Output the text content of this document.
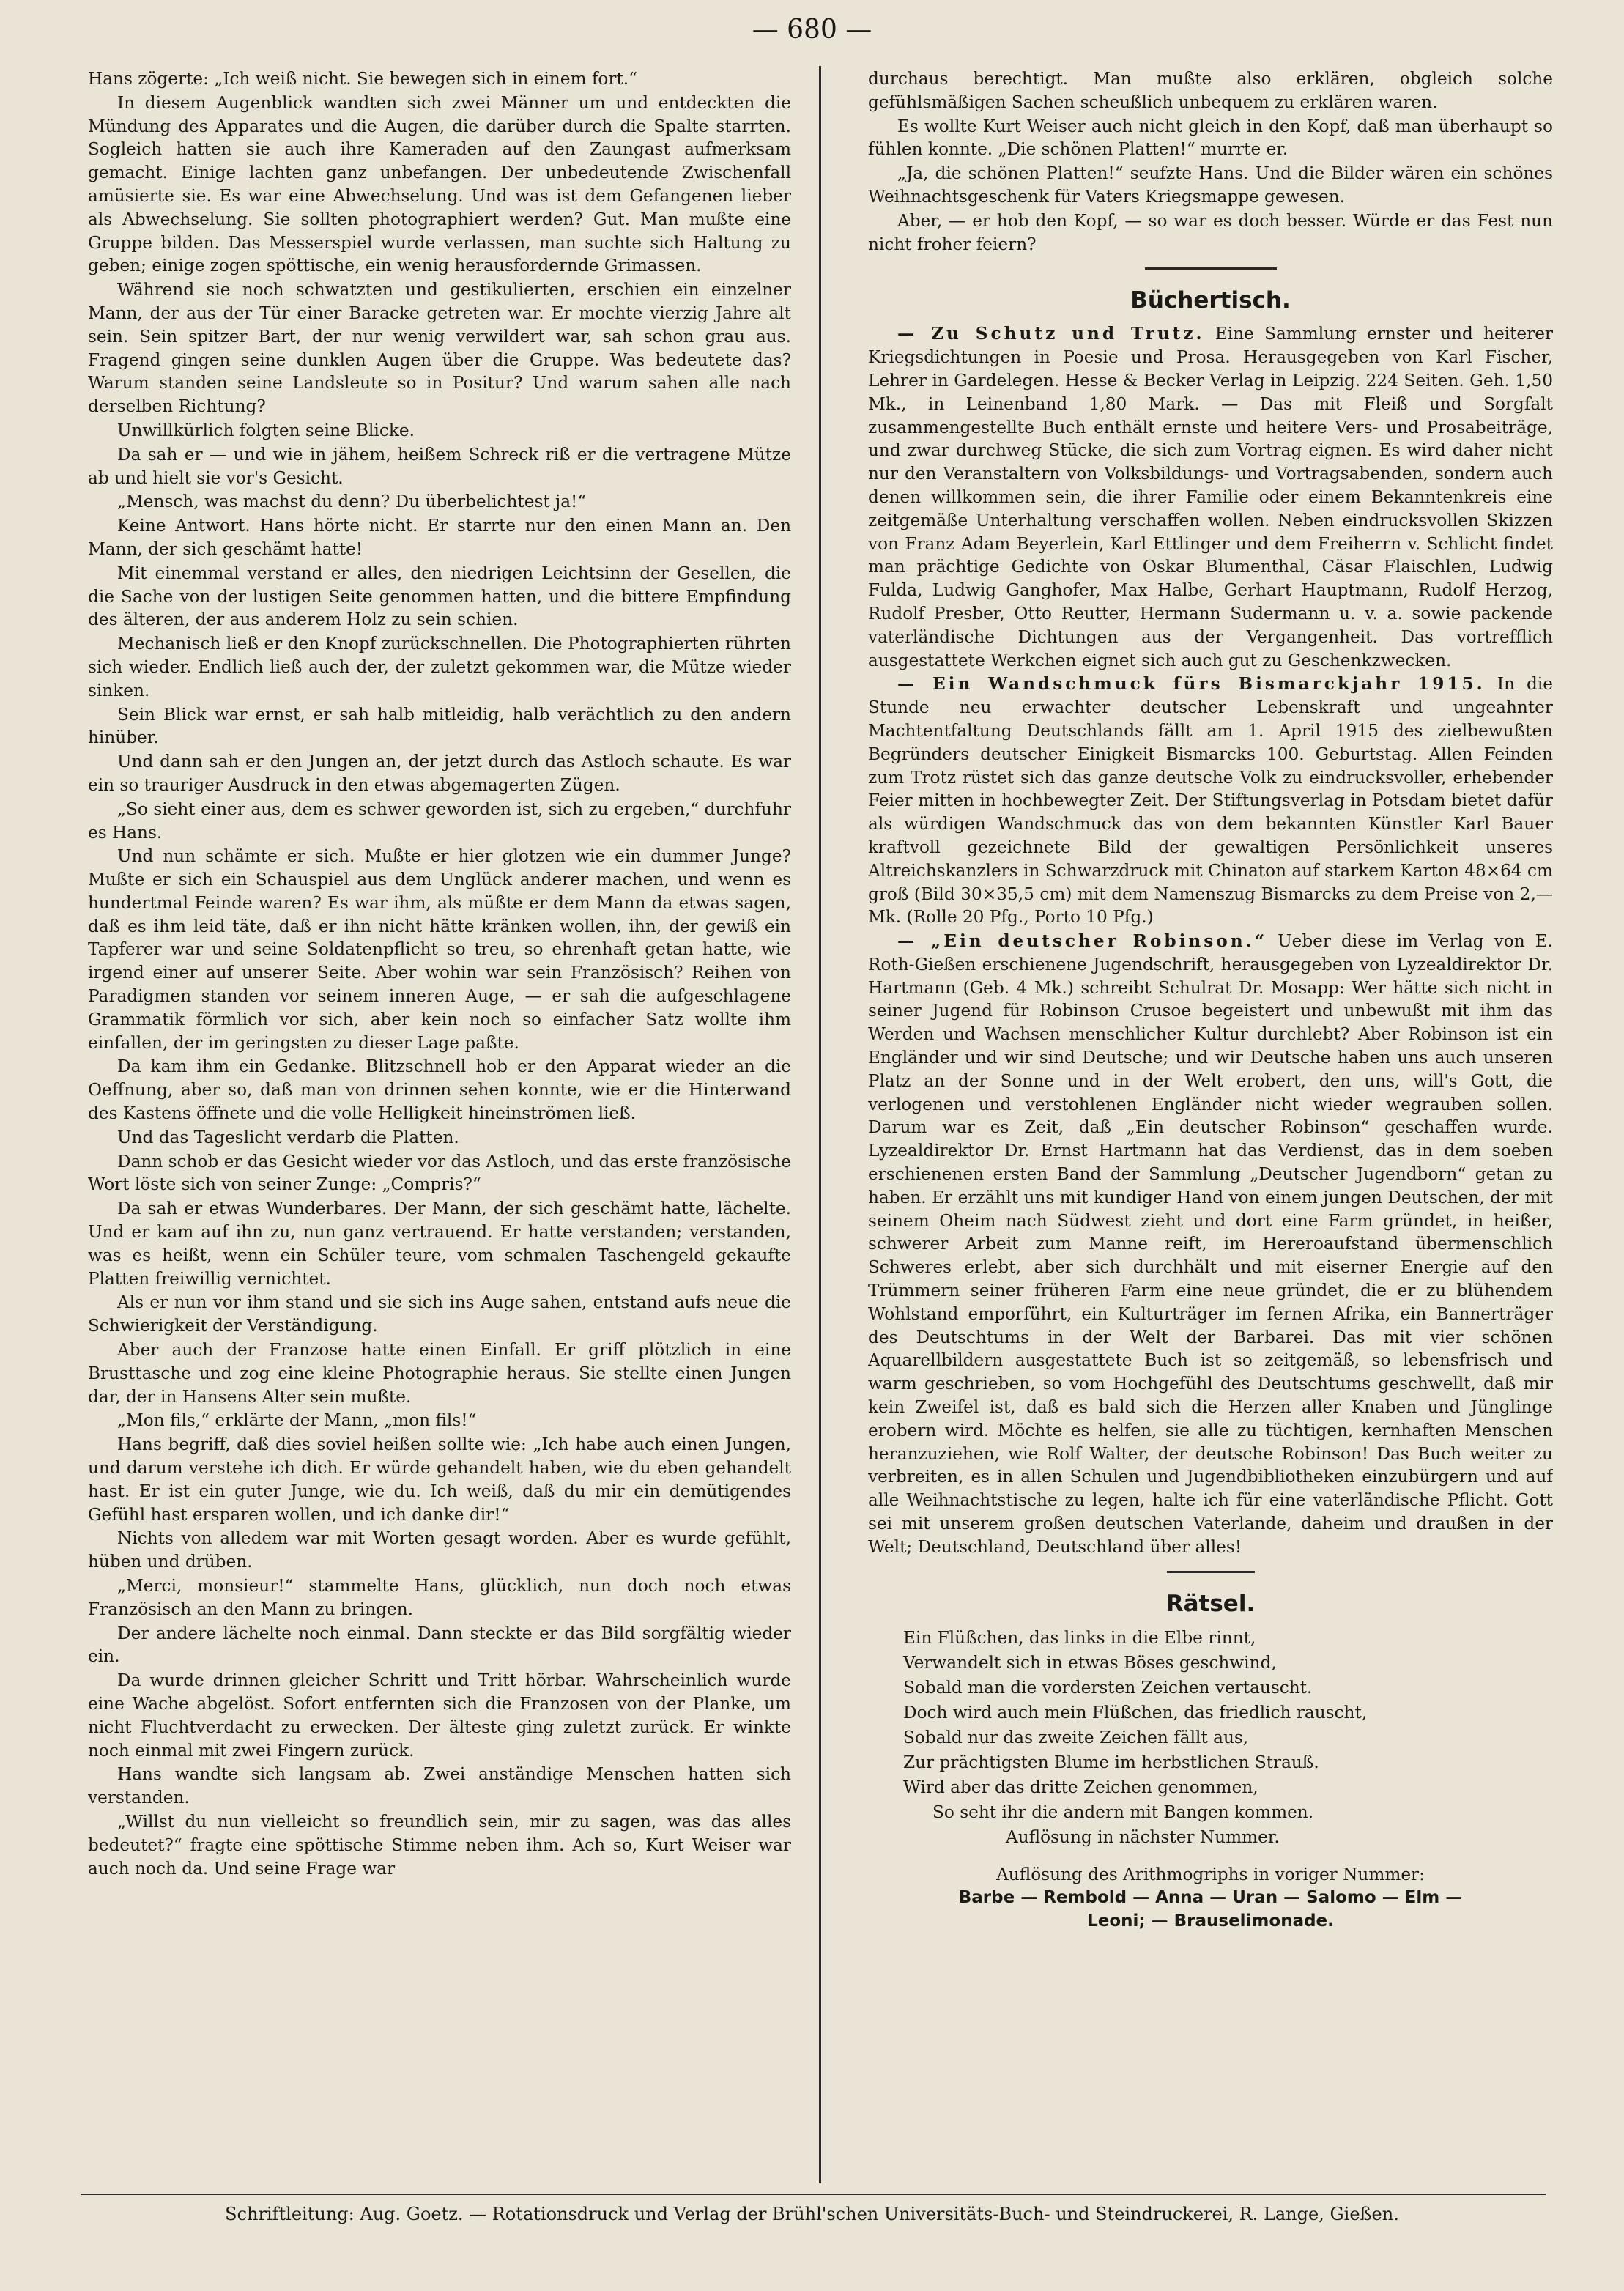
— 680 —

Hans zögerte: „Ich weiß nicht. Sie bewegen sich in einem fort.“

In diesem Augenblick wandten sich zwei Männer um und entdeckten die Mündung des Apparates und die Augen, die darüber durch die Spalte starrten. Sogleich hatten sie auch ihre Kameraden auf den Zaungast aufmerksam gemacht. Einige lachten ganz unbefangen. Der unbedeutende Zwischenfall amüsierte sie. Es war eine Abwechselung. Und was ist dem Gefangenen lieber als Abwechselung. Sie sollten photographiert werden? Gut. Man mußte eine Gruppe bilden. Das Messerspiel wurde verlassen, man suchte sich Haltung zu geben; einige zogen spöttische, ein wenig herausfordernde Grimassen.

Während sie noch schwatzten und gestikulierten, erschien ein einzelner Mann, der aus der Tür einer Baracke getreten war. Er mochte vierzig Jahre alt sein. Sein spitzer Bart, der nur wenig verwildert war, sah schon grau aus. Fragend gingen seine dunklen Augen über die Gruppe. Was bedeutete das? Warum standen seine Landsleute so in Positur? Und warum sahen alle nach derselben Richtung?

Unwillkürlich folgten seine Blicke.

Da sah er — und wie in jähem, heißem Schreck riß er die vertragene Mütze ab und hielt sie vor's Gesicht.

„Mensch, was machst du denn? Du überbelichtest ja!“

Keine Antwort. Hans hörte nicht. Er starrte nur den einen Mann an. Den Mann, der sich geschämt hatte!

Mit einemmal verstand er alles, den niedrigen Leichtsinn der Gesellen, die die Sache von der lustigen Seite genommen hatten, und die bittere Empfindung des älteren, der aus anderem Holz zu sein schien.

Mechanisch ließ er den Knopf zurückschnellen. Die Photographierten rührten sich wieder. Endlich ließ auch der, der zuletzt gekommen war, die Mütze wieder sinken.

Sein Blick war ernst, er sah halb mitleidig, halb verächtlich zu den andern hinüber.

Und dann sah er den Jungen an, der jetzt durch das Astloch schaute. Es war ein so trauriger Ausdruck in den etwas abgemagerten Zügen.

„So sieht einer aus, dem es schwer geworden ist, sich zu ergeben,“ durchfuhr es Hans.

Und nun schämte er sich. Mußte er hier glotzen wie ein dummer Junge? Mußte er sich ein Schauspiel aus dem Unglück anderer machen, und wenn es hundertmal Feinde waren? Es war ihm, als müßte er dem Mann da etwas sagen, daß es ihm leid täte, daß er ihn nicht hätte kränken wollen, ihn, der gewiß ein Tapferer war und seine Soldatenpflicht so treu, so ehrenhaft getan hatte, wie irgend einer auf unserer Seite. Aber wohin war sein Französisch? Reihen von Paradigmen standen vor seinem inneren Auge, — er sah die aufgeschlagene Grammatik förmlich vor sich, aber kein noch so einfacher Satz wollte ihm einfallen, der im geringsten zu dieser Lage paßte.

Da kam ihm ein Gedanke. Blitzschnell hob er den Apparat wieder an die Oeffnung, aber so, daß man von drinnen sehen konnte, wie er die Hinterwand des Kastens öffnete und die volle Helligkeit hineinströmen ließ.

Und das Tageslicht verdarb die Platten.

Dann schob er das Gesicht wieder vor das Astloch, und das erste französische Wort löste sich von seiner Zunge: „Compris?“

Da sah er etwas Wunderbares. Der Mann, der sich geschämt hatte, lächelte. Und er kam auf ihn zu, nun ganz vertrauend. Er hatte verstanden; verstanden, was es heißt, wenn ein Schüler teure, vom schmalen Taschengeld gekaufte Platten freiwillig vernichtet.

Als er nun vor ihm stand und sie sich ins Auge sahen, entstand aufs neue die Schwierigkeit der Verständigung.

Aber auch der Franzose hatte einen Einfall. Er griff plötzlich in eine Brusttasche und zog eine kleine Photographie heraus. Sie stellte einen Jungen dar, der in Hansens Alter sein mußte.

„Mon fils,“ erklärte der Mann, „mon fils!“

Hans begriff, daß dies soviel heißen sollte wie: „Ich habe auch einen Jungen, und darum verstehe ich dich. Er würde gehandelt haben, wie du eben gehandelt hast. Er ist ein guter Junge, wie du. Ich weiß, daß du mir ein demütigendes Gefühl hast ersparen wollen, und ich danke dir!“

Nichts von alledem war mit Worten gesagt worden. Aber es wurde gefühlt, hüben und drüben.

„Merci, monsieur!“ stammelte Hans, glücklich, nun doch noch etwas Französisch an den Mann zu bringen.

Der andere lächelte noch einmal. Dann steckte er das Bild sorgfältig wieder ein.

Da wurde drinnen gleicher Schritt und Tritt hörbar. Wahrscheinlich wurde eine Wache abgelöst. Sofort entfernten sich die Franzosen von der Planke, um nicht Fluchtverdacht zu erwecken. Der älteste ging zuletzt zurück. Er winkte noch einmal mit zwei Fingern zurück.

Hans wandte sich langsam ab. Zwei anständige Menschen hatten sich verstanden.

„Willst du nun vielleicht so freundlich sein, mir zu sagen, was das alles bedeutet?“ fragte eine spöttische Stimme neben ihm. Ach so, Kurt Weiser war auch noch da. Und seine Frage war

durchaus berechtigt. Man mußte also erklären, obgleich solche gefühlsmäßigen Sachen scheußlich unbequem zu erklären waren.

Es wollte Kurt Weiser auch nicht gleich in den Kopf, daß man überhaupt so fühlen konnte. „Die schönen Platten!“ murrte er.

„Ja, die schönen Platten!“ seufzte Hans. Und die Bilder wären ein schönes Weihnachtsgeschenk für Vaters Kriegsmappe gewesen.

Aber, — er hob den Kopf, — so war es doch besser. Würde er das Fest nun nicht froher feiern?

Büchertisch.

— Zu Schutz und Trutz. Eine Sammlung ernster und heiterer Kriegsdichtungen in Poesie und Prosa. Herausgegeben von Karl Fischer, Lehrer in Gardelegen. Hesse & Becker Verlag in Leipzig. 224 Seiten. Geh. 1,50 Mk., in Leinenband 1,80 Mark. — Das mit Fleiß und Sorgfalt zusammengestellte Buch enthält ernste und heitere Vers- und Prosabeiträge, und zwar durchweg Stücke, die sich zum Vortrag eignen. Es wird daher nicht nur den Veranstaltern von Volksbildungs- und Vortragsabenden, sondern auch denen willkommen sein, die ihrer Familie oder einem Bekanntenkreis eine zeitgemäße Unterhaltung verschaffen wollen. Neben eindrucksvollen Skizzen von Franz Adam Beyerlein, Karl Ettlinger und dem Freiherrn v. Schlicht findet man prächtige Gedichte von Oskar Blumenthal, Cäsar Flaischlen, Ludwig Fulda, Ludwig Ganghofer, Max Halbe, Gerhart Hauptmann, Rudolf Herzog, Rudolf Presber, Otto Reutter, Hermann Sudermann u. v. a. sowie packende vaterländische Dichtungen aus der Vergangenheit. Das vortrefflich ausgestattete Werkchen eignet sich auch gut zu Geschenkzwecken.

— Ein Wandschmuck fürs Bismarckjahr 1915. In die Stunde neu erwachter deutscher Lebenskraft und ungeahnter Machtentfaltung Deutschlands fällt am 1. April 1915 des zielbewußten Begründers deutscher Einigkeit Bismarcks 100. Geburtstag. Allen Feinden zum Trotz rüstet sich das ganze deutsche Volk zu eindrucksvoller, erhebender Feier mitten in hochbewegter Zeit. Der Stiftungsverlag in Potsdam bietet dafür als würdigen Wandschmuck das von dem bekannten Künstler Karl Bauer kraftvoll gezeichnete Bild der gewaltigen Persönlichkeit unseres Altreichskanzlers in Schwarzdruck mit Chinaton auf starkem Karton 48×64 cm groß (Bild 30×35,5 cm) mit dem Namenszug Bismarcks zu dem Preise von 2,— Mk. (Rolle 20 Pfg., Porto 10 Pfg.)

— „Ein deutscher Robinson.“ Ueber diese im Verlag von E. Roth-Gießen erschienene Jugendschrift, herausgegeben von Lyzealdirektor Dr. Hartmann (Geb. 4 Mk.) schreibt Schulrat Dr. Mosapp: Wer hätte sich nicht in seiner Jugend für Robinson Crusoe begeistert und unbewußt mit ihm das Werden und Wachsen menschlicher Kultur durchlebt? Aber Robinson ist ein Engländer und wir sind Deutsche; und wir Deutsche haben uns auch unseren Platz an der Sonne und in der Welt erobert, den uns, will's Gott, die verlogenen und verstohlenen Engländer nicht wieder wegrauben sollen. Darum war es Zeit, daß „Ein deutscher Robinson“ geschaffen wurde. Lyzealdirektor Dr. Ernst Hartmann hat das Verdienst, das in dem soeben erschienenen ersten Band der Sammlung „Deutscher Jugendborn“ getan zu haben. Er erzählt uns mit kundiger Hand von einem jungen Deutschen, der mit seinem Oheim nach Südwest zieht und dort eine Farm gründet, in heißer, schwerer Arbeit zum Manne reift, im Hereroaufstand übermenschlich Schweres erlebt, aber sich durchhält und mit eiserner Energie auf den Trümmern seiner früheren Farm eine neue gründet, die er zu blühendem Wohlstand emporführt, ein Kulturträger im fernen Afrika, ein Bannerträger des Deutschtums in der Welt der Barbarei. Das mit vier schönen Aquarellbildern ausgestattete Buch ist so zeitgemäß, so lebensfrisch und warm geschrieben, so vom Hochgefühl des Deutschtums geschwellt, daß mir kein Zweifel ist, daß es bald sich die Herzen aller Knaben und Jünglinge erobern wird. Möchte es helfen, sie alle zu tüchtigen, kernhaften Menschen heranzuziehen, wie Rolf Walter, der deutsche Robinson! Das Buch weiter zu verbreiten, es in allen Schulen und Jugendbibliotheken einzubürgern und auf alle Weihnachtstische zu legen, halte ich für eine vaterländische Pflicht. Gott sei mit unserem großen deutschen Vaterlande, daheim und draußen in der Welt; Deutschland, Deutschland über alles!

Rätsel.
Ein Flüßchen, das links in die Elbe rinnt,
Verwandelt sich in etwas Böses geschwind,
Sobald man die vordersten Zeichen vertauscht.
Doch wird auch mein Flüßchen, das friedlich rauscht,
Sobald nur das zweite Zeichen fällt aus,
Zur prächtigsten Blume im herbstlichen Strauß.
Wird aber das dritte Zeichen genommen,
So seht ihr die andern mit Bangen kommen.
Auflösung in nächster Nummer.
Auflösung des Arithmogriphs in voriger Nummer:
Barbe — Rembold — Anna — Uran — Salomo — Elm —
Leoni; — Brauselimonade.
Schriftleitung: Aug. Goetz. — Rotationsdruck und Verlag der Brühl'schen Universitäts-Buch- und Steindruckerei, R. Lange, Gießen.
